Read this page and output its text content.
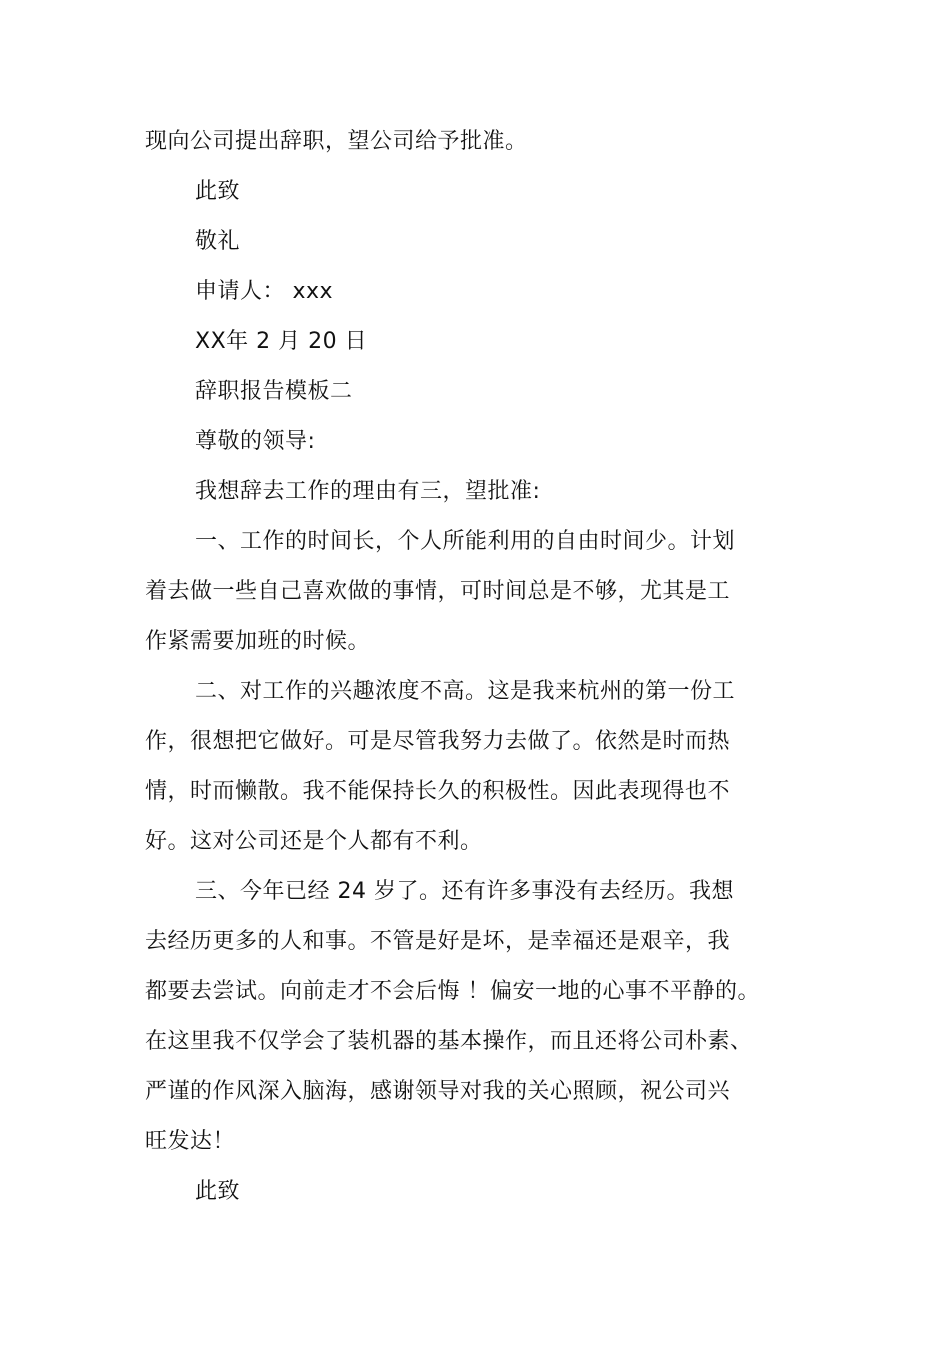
现向公司提出辞职，望公司给予批准。
此致
敬礼
申请人： xxx
XX年 2 月 20 日
辞职报告模板二
尊敬的领导:
我想辞去工作的理由有三，望批准:
一、工作的时间长，个人所能利用的自由时间少。计划
着去做一些自己喜欢做的事情，可时间总是不够，尤其是工
作紧需要加班的时候。
二、对工作的兴趣浓度不高。这是我来杭州的第一份工
作，很想把它做好。可是尽管我努力去做了。依然是时而热
情，时而懒散。我不能保持长久的积极性。因此表现得也不
好。这对公司还是个人都有不利。
三、今年已经 24 岁了。还有许多事没有去经历。我想
去经历更多的人和事。不管是好是坏，是幸福还是艰辛，我
都要去尝试。向前走才不会后悔 ！偏安一地的心事不平静的。
在这里我不仅学会了装机器的基本操作，而且还将公司朴素、
严谨的作风深入脑海，感谢领导对我的关心照顾，祝公司兴
旺发达！
此致
